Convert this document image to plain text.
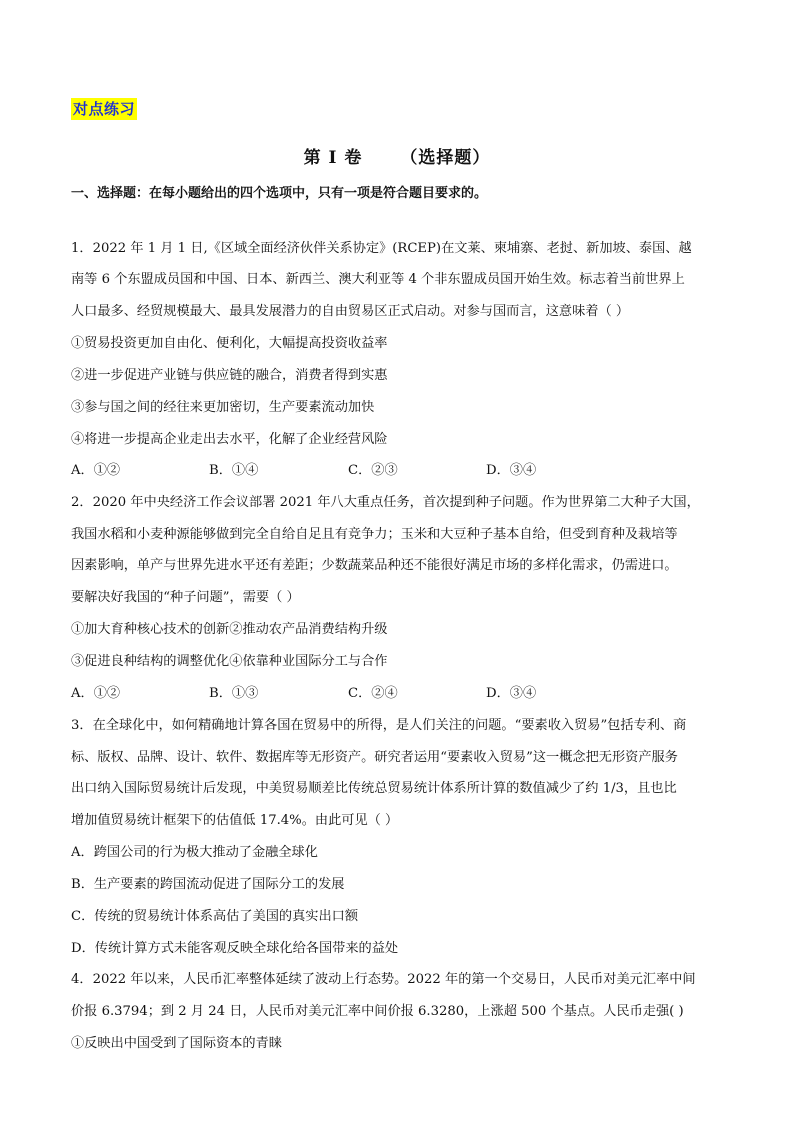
对点练习
第 I 卷 （选择题）
一、选择题：在每小题给出的四个选项中，只有一项是符合题目要求的。
1．2022 年 1 月 1 日,《区域全面经济伙伴关系协定》(RCEP)在文莱、柬埔寨、老挝、新加坡、泰国、越
南等 6 个东盟成员国和中国、日本、新西兰、澳大利亚等 4 个非东盟成员国开始生效。标志着当前世界上
人口最多、经贸规模最大、最具发展潜力的自由贸易区正式启动。对参与国而言，这意味着（ ）
①贸易投资更加自由化、便利化，大幅提高投资收益率
②进一步促进产业链与供应链的融合，消费者得到实惠
③参与国之间的经往来更加密切，生产要素流动加快
④将进一步提高企业走出去水平，化解了企业经营风险
A．①②	B．①④	C．②③	D．③④
2．2020 年中央经济工作会议部署 2021 年八大重点任务，首次提到种子问题。作为世界第二大种子大国，
我国水稻和小麦种源能够做到完全自给自足且有竞争力；玉米和大豆种子基本自给，但受到育种及栽培等
因素影响，单产与世界先进水平还有差距；少数蔬菜品种还不能很好满足市场的多样化需求，仍需进口。
要解决好我国的“种子问题”，需要（ ）
①加大育种核心技术的创新②推动农产品消费结构升级
③促进良种结构的调整优化④依靠种业国际分工与合作
A．①②	B．①③	C．②④	D．③④
3．在全球化中，如何精确地计算各国在贸易中的所得，是人们关注的问题。“要素收入贸易”包括专利、商
标、版权、品牌、设计、软件、数据库等无形资产。研究者运用“要素收入贸易”这一概念把无形资产服务
出口纳入国际贸易统计后发现，中美贸易顺差比传统总贸易统计体系所计算的数值减少了约 1/3，且也比
增加值贸易统计框架下的估值低 17.4%。由此可见（ ）
A．跨国公司的行为极大推动了金融全球化
B．生产要素的跨国流动促进了国际分工的发展
C．传统的贸易统计体系高估了美国的真实出口额
D．传统计算方式未能客观反映全球化给各国带来的益处
4．2022 年以来，人民币汇率整体延续了波动上行态势。2022 年的第一个交易日，人民币对美元汇率中间
价报 6.3794；到 2 月 24 日，人民币对美元汇率中间价报 6.3280，上涨超 500 个基点。人民币走强( )
①反映出中国受到了国际资本的青睐
